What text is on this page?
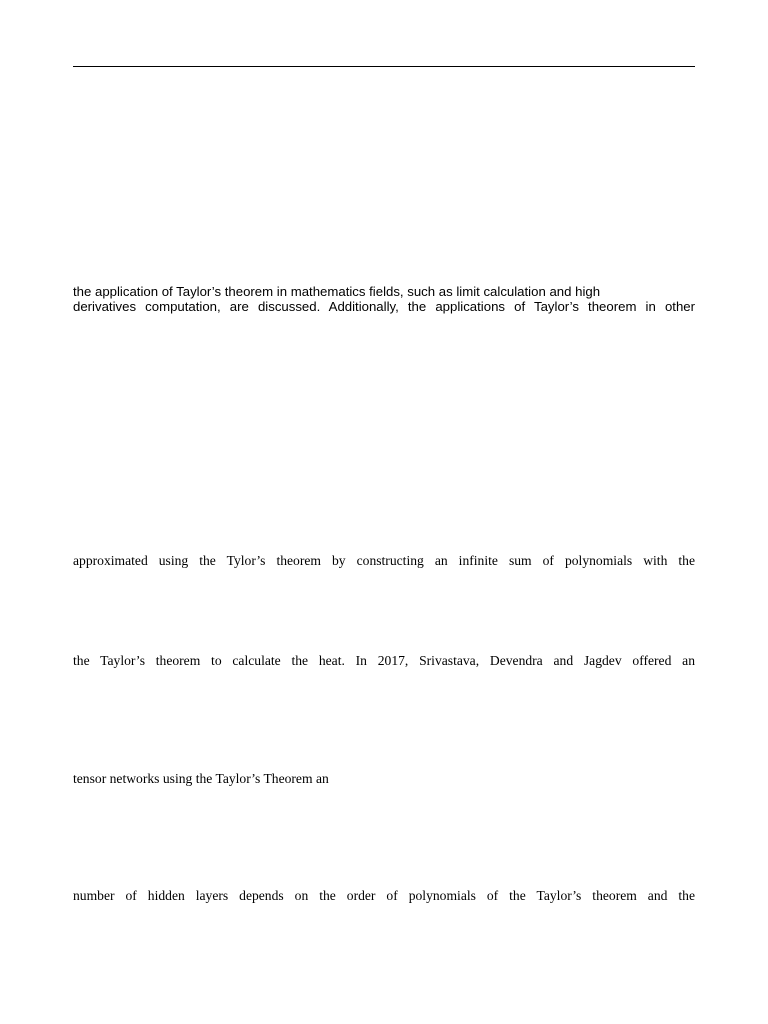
the application of Taylor’s theorem in mathematics fields, such as limit calculation and high
derivatives computation, are discussed. Additionally, the applications of Taylor’s theorem in other
approximated using the Tylor’s theorem by constructing an infinite sum of polynomials with the
the Taylor’s theorem to calculate the heat. In 2017, Srivastava, Devendra and Jagdev offered an
tensor networks using the Taylor’s Theorem an
number of hidden layers depends on the order of polynomials of the Taylor’s theorem and the
